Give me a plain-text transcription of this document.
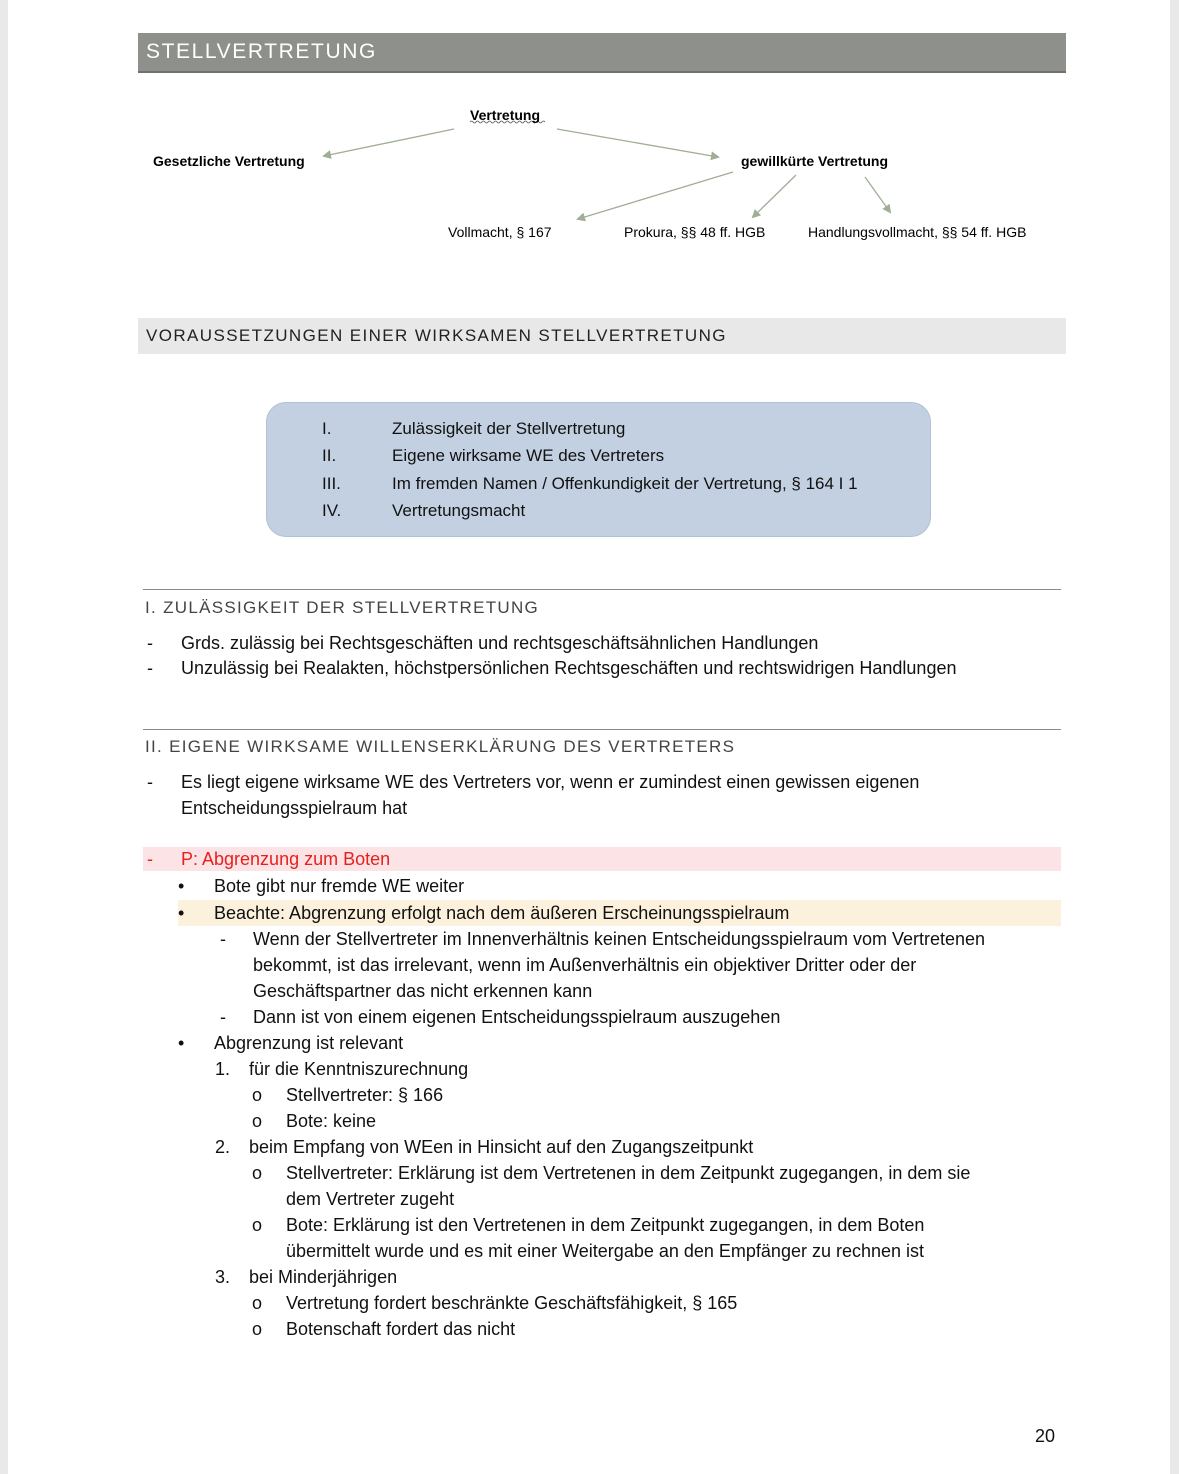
STELLVERTRETUNG
Vertretung
Gesetzliche Vertretung	gewillkürte Vertretung
Vollmacht, § 167	Prokura, §§ 48 ff. HGB	Handlungsvollmacht, §§ 54 ff. HGB
VORAUSSETZUNGEN EINER WIRKSAMEN STELLVERTRETUNG
I.	Zulässigkeit der Stellvertretung
II.	Eigene wirksame WE des Vertreters
III.	Im fremden Namen / Offenkundigkeit der Vertretung, § 164 I 1
IV.	Vertretungsmacht
I. ZULÄSSIGKEIT DER STELLVERTRETUNG
- Grds. zulässig bei Rechtsgeschäften und rechtsgeschäftsähnlichen Handlungen
- Unzulässig bei Realakten, höchstpersönlichen Rechtsgeschäften und rechtswidrigen Handlungen
II. EIGENE WIRKSAME WILLENSERKLÄRUNG DES VERTRETERS
- Es liegt eigene wirksame WE des Vertreters vor, wenn er zumindest einen gewissen eigenen
Entscheidungsspielraum hat
- P: Abgrenzung zum Boten
• Bote gibt nur fremde WE weiter
• Beachte: Abgrenzung erfolgt nach dem äußeren Erscheinungsspielraum
- Wenn der Stellvertreter im Innenverhältnis keinen Entscheidungsspielraum vom Vertretenen
bekommt, ist das irrelevant, wenn im Außenverhältnis ein objektiver Dritter oder der
Geschäftspartner das nicht erkennen kann
- Dann ist von einem eigenen Entscheidungsspielraum auszugehen
• Abgrenzung ist relevant
1. für die Kenntniszurechnung
o Stellvertreter: § 166
o Bote: keine
2. beim Empfang von WEen in Hinsicht auf den Zugangszeitpunkt
o Stellvertreter: Erklärung ist dem Vertretenen in dem Zeitpunkt zugegangen, in dem sie
dem Vertreter zugeht
o Bote: Erklärung ist den Vertretenen in dem Zeitpunkt zugegangen, in dem Boten
übermittelt wurde und es mit einer Weitergabe an den Empfänger zu rechnen ist
3. bei Minderjährigen
o Vertretung fordert beschränkte Geschäftsfähigkeit, § 165
o Botenschaft fordert das nicht
20
